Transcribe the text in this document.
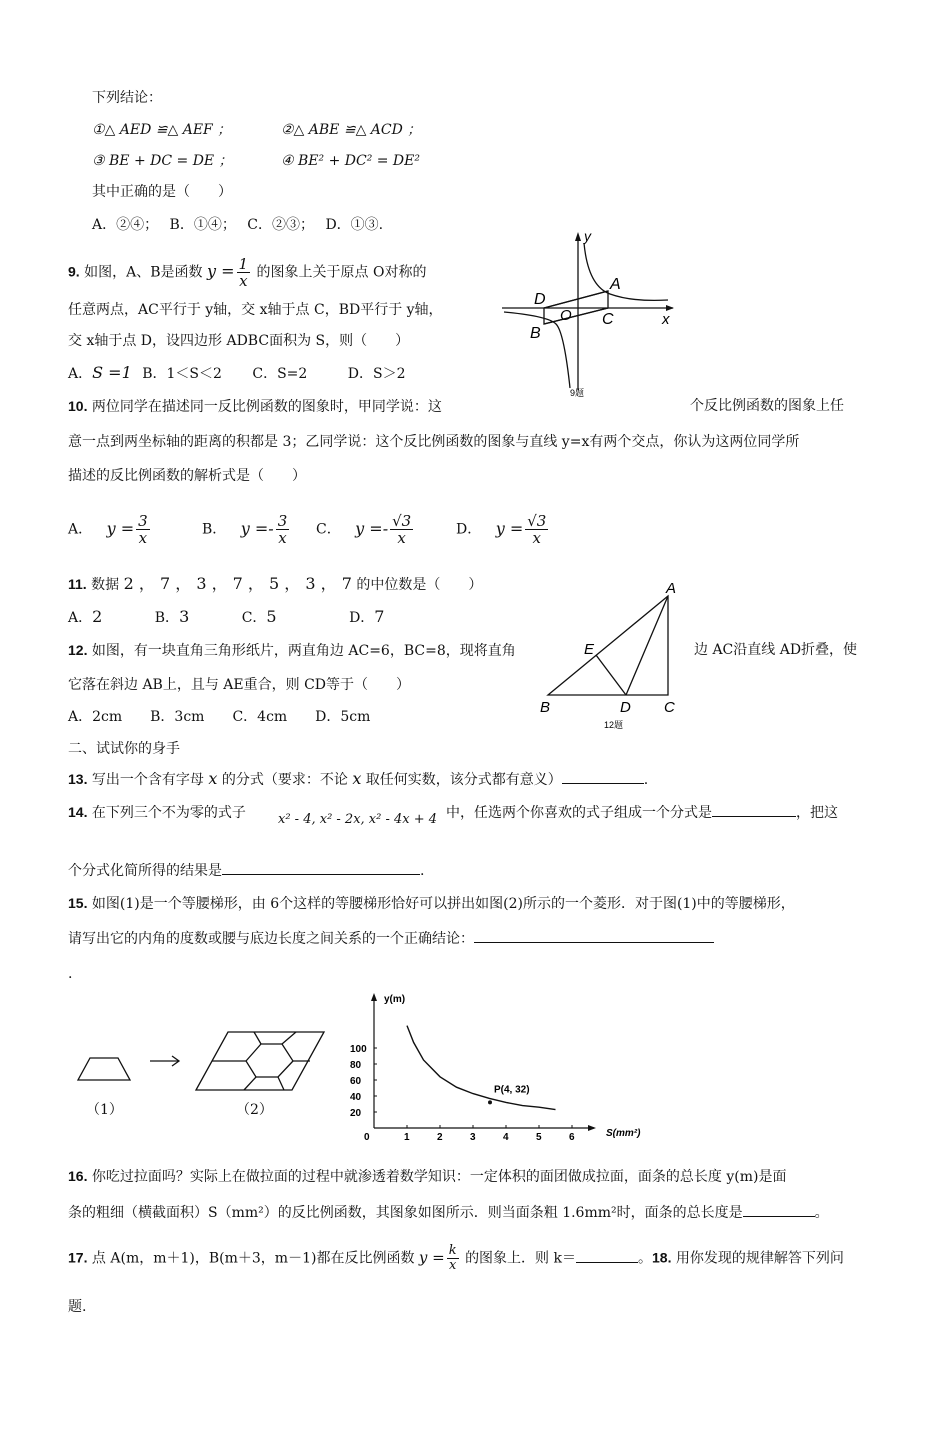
下列结论：
①△ AED ≌△ AEF ；	②△ ABE ≌△ ACD ；
③ BE + DC = DE ；	④ BE² + DC² = DE²
其中正确的是（　　）
A．②④；　 B．①④；　 C．②③；　 D．①③.
9. 如图，A、B是函数 $y = \frac{1}{x}$ 的图象上关于原点 O对称的
任意两点，AC平行于 y轴，交 x轴于点 C，BD平行于 y轴，
交 x轴于点 D，设四边形 ADBC面积为 S，则（　　）
A．S =1 B．1＜S＜2 C．S=2	D．S＞2
y
x
A
B
C
D
O
9题
10. 两位同学在描述同一反比例函数的图象时，甲同学说：这	个反比例函数的图象上任
意一点到两坐标轴的距离的积都是 3；乙同学说：这个反比例函数的图象与直线 y=x有两个交点，你认为这两位同学所
描述的反比例函数的解析式是（　　）
A． $y = \frac{3}{x}$	B． $y =- \frac{3}{x}$ C． $y =- \frac{√3}{x}$	D． $y = \frac{√3}{x}$
11. 数据 2 ， 7 ， 3 ， 7 ， 5 ， 3 ， 7 的中位数是（　　）
A．2	B．3	C．5	D．7
12. 如图，有一块直角三角形纸片，两直角边 AC=6，BC=8，现将直角	边 AC沿直线 AD折叠，使
它落在斜边 AB上，且与 AE重合，则 CD等于（　　）
A．2cm　　B．3cm　　C．4cm　　D．5cm
A
B	C
D
E
12题
二、试试你的身手
13. 写出一个含有字母 x 的分式（要求：不论 x 取任何实数，该分式都有意义）	.
14. 在下列三个不为零的式子 x² - 4, x² - 2x, x² - 4x + 4 中，任选两个你喜欢的式子组成一个分式是	，把这
个分式化简所得的结果是	.
15. 如图(1)是一个等腰梯形，由 6个这样的等腰梯形恰好可以拼出如图(2)所示的一个菱形．对于图(1)中的等腰梯形，
请写出它的内角的度数或腰与底边长度之间关系的一个正确结论：
.
（1）	（2）
0	1	2	3	4	5	6
20
40
60
80
100
y(m)
S(mm²)
P(4, 32)
16. 你吃过拉面吗？实际上在做拉面的过程中就渗透着数学知识：一定体积的面团做成拉面，面条的总长度 y(m)是面
条的粗细（横截面积）S（mm²）的反比例函数，其图象如图所示．则当面条粗 1.6mm²时，面条的总长度是	。
17. 点 A(m，m＋1)，B(m＋3，m－1)都在反比例函数 $y = \frac{k}{x}$ 的图象上．则 k＝	。18. 用你发现的规律解答下列问
题.
